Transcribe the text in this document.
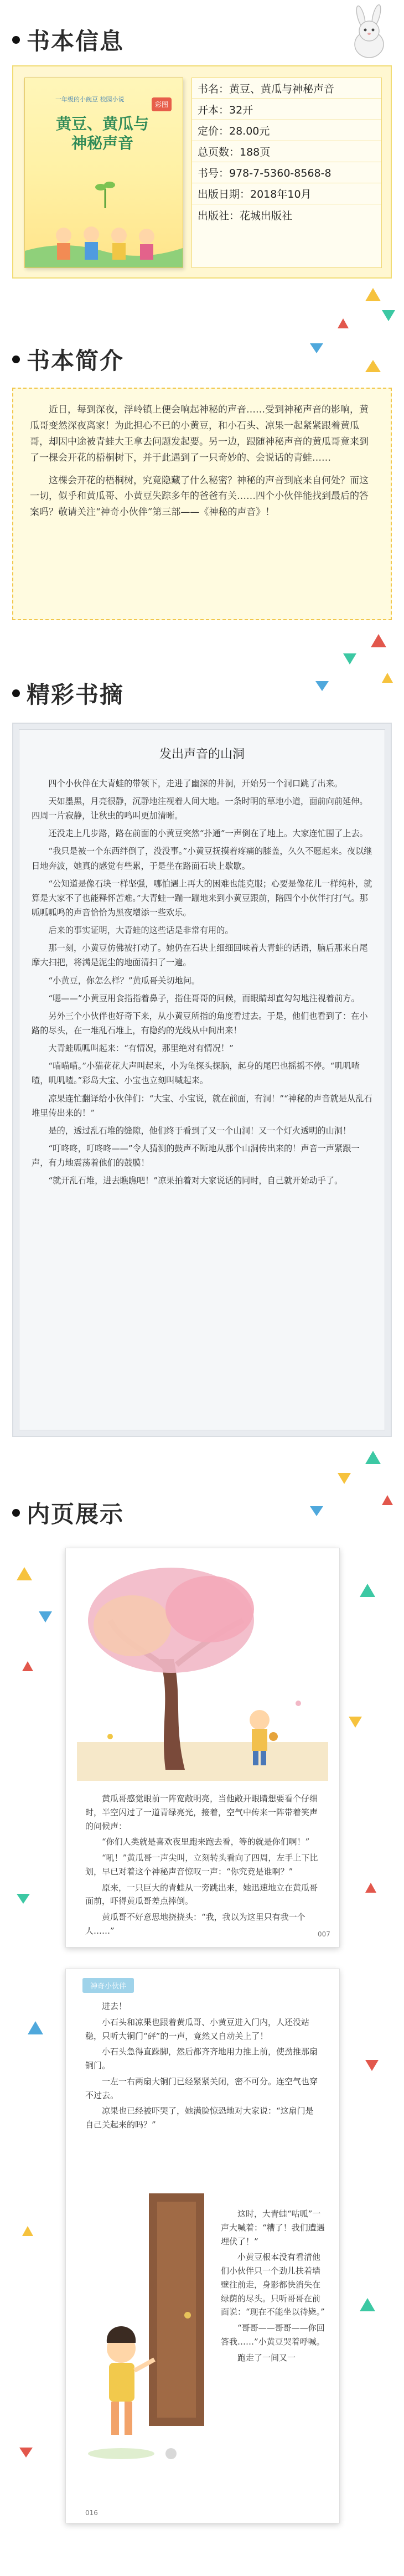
书本信息
一年级的小豌豆 校园小说
彩图
黄豆、黄瓜与神秘声音
书名：黄豆、黄瓜与神秘声音
开本：32开
定价：28.00元
总页数：188页
书号：978-7-5360-8568-8
出版日期：2018年10月
出版社：花城出版社
书本简介

近日，每到深夜，浮岭镇上便会响起神秘的声音……受到神秘声音的影响，黄瓜哥变然深夜离家！为此担心不已的小黄豆，和小石头、凉果一起紧紧跟着黄瓜哥，却因中途被青蛙大王拿去问题发起要。另一边，跟随神秘声音的黄瓜哥竟来到了一棵会开花的梧桐树下，并于此遇到了一只奇妙的、会说话的青蛙……

这棵会开花的梧桐树，究竟隐藏了什么秘密？神秘的声音到底来自何处？而这一切，似乎和黄瓜哥、小黄豆失踪多年的爸爸有关……四个小伙伴能找到最后的答案吗？敬请关注“神奇小伙伴”第三部——《神秘的声音》！

精彩书摘
发出声音的山洞

四个小伙伴在大青蛙的带领下，走进了幽深的井洞，开始另一个洞口跳了出来。

天如墨黑，月亮很静，沉静地注视着人间大地。一条时明的草地小道，面前向前延伸。四周一片寂静，让秋虫的鸣叫更加清晰。

还没走上几步路，路在前面的小黄豆突然“扑通”一声倒在了地上。大家连忙围了上去。

“我只是被一个东西绊倒了，没没事。”小黄豆抚摸着疼痛的膝盖，久久不愿起来。夜以继日地奔波，她真的感觉有些累，于是坐在路面石块上歇歇。

“公知道是像石块一样坚强，哪怕遇上再大的困难也能克服；心要是像花儿一样纯朴，就算是大家不了也能释怀苦难。”大青蛙一蹦一蹦地来到小黄豆跟前，陪四个小伙伴打打气。那呱呱呱鸣的声音恰恰为黑夜增添一些欢乐。

后来的事实证明，大青蛙的这些话是非常有用的。

那一刻，小黄豆仿佛被打动了。她仍在石块上细细回味着大青蛙的话语，脑后那来自尾摩大扫把，将满是泥尘的地面清扫了一遍。

“小黄豆，你怎么样？”黄瓜哥关切地问。

“嗯——”小黄豆用食指指着鼻子，指住哥哥的问候，而眼睛却直勾勾地注视着前方。

另外三个小伙伴也好奇下来，从小黄豆所指的角度看过去。于是，他们也看到了：在小路的尽头，在一堆乱石堆上，有隐约的光线从中间出来！

大青蛙呱呱叫起来：“有情况，那里绝对有情况！”

“喵喵喵。”小猫花花大声叫起来，小为龟探头探脑，起身的尾巴也摇摇不停。“叽叽喳喳，叽叽喳。”彩岛大宝、小宝也立刻叫喊起来。

凉果连忙翻译给小伙伴们：“大宝、小宝说，就在前面，有洞！”“神秘的声音就是从乱石堆里传出来的！”

是的，透过乱石堆的缝隙，他们终于看到了又一个山洞！又一个灯火透明的山洞！

“叮咚咚，叮咚咚——”令人猜测的鼓声不断地从那个山洞传出来的！声音一声紧跟一声，有力地震荡着他们的鼓膜！

“就开乱石堆，进去瞧瞧吧！”凉果拍着对大家说话的同时，自己就开始动手了。

内页展示

黄瓜哥感觉眼前一阵宽敞明亮，当他敞开眼睛想要看个仔细时，半空闪过了一道青绿亮光，接着，空气中传来一阵带着笑声的问候声：

“你们人类就是喜欢夜里跑来跑去看，等的就是你们啊！”

“吼！”黄瓜哥一声尖叫，立刻转头看向了四周，左手上下比划，早已对着这个神秘声音惊叹一声：“你究竟是谁啊？”

原来，一只巨大的青蛙从一旁跳出来，她迅速地立在黄瓜哥面前，吓得黄瓜哥差点摔倒。

黄瓜哥不好意思地挠挠头：“我，我以为这里只有我一个人……”	007
神奇小伙伴

进去！

小石头和凉果也跟着黄瓜哥、小黄豆进入门内，人还没站稳，只听大铜门“砰”的一声，竟然又自动关上了！

小石头急得直跺脚，然后都齐齐地用力推上前，使劲推那扇铜门。

一左一右两扇大铜门已经紧紧关闭，密不可分。连空气也穿不过去。

凉果也已经被吓哭了，她满脸惊恐地对大家说：“这扇门是自己关起来的吗？”

这时，大青蛙“咕呱”一声大喊着：“糟了！我们遭遇埋伏了！”

小黄豆根本没有看清他们小伙伴只一个劲儿扶着墙壁往前走，身影都快消失在绿荫的尽头。只听哥哥在前面说：“现在不能坐以待毙。”

“哥哥——哥哥——你回答我……”小黄豆哭着呼喊。

跑走了一间又一

016
